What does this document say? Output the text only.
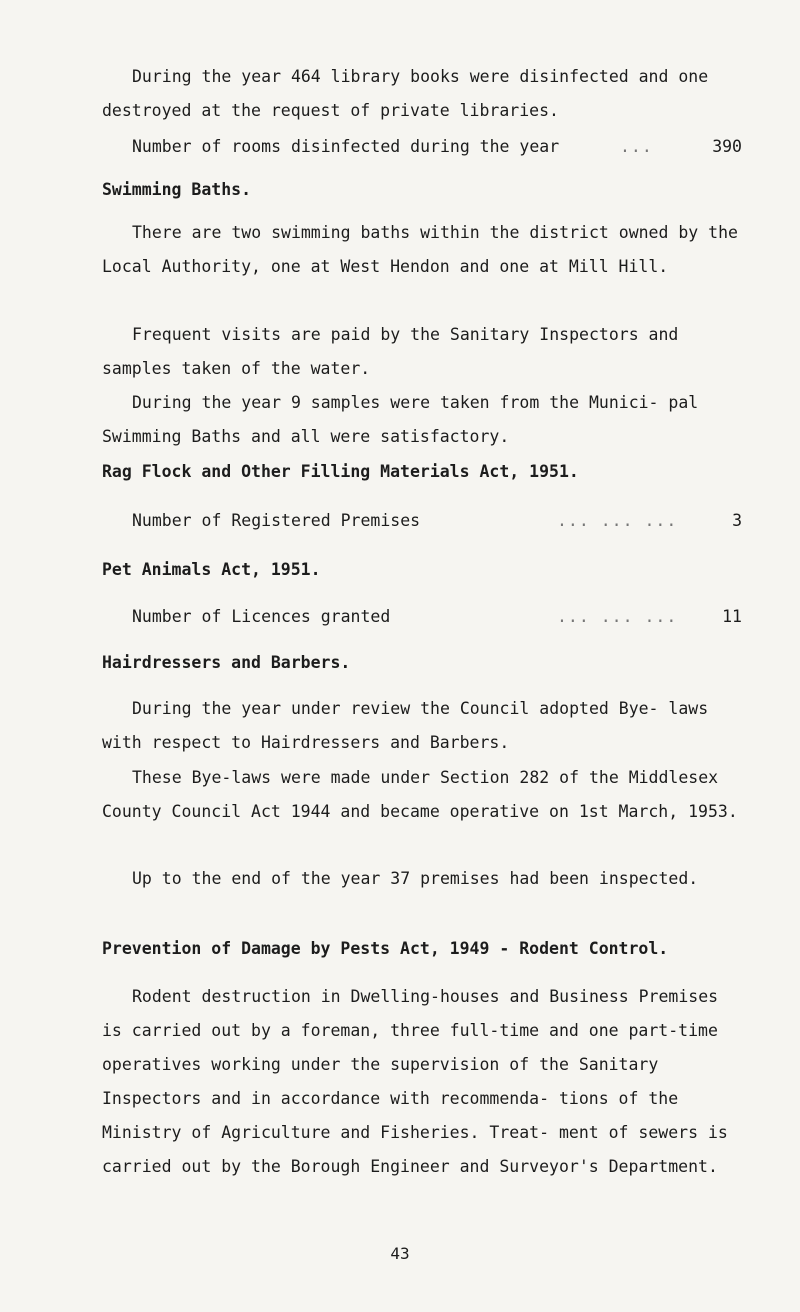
During the year 464 library books were disinfected and one destroyed at the request of private libraries.

Number of rooms disinfected during the year	...	390

Swimming Baths.

There are two swimming baths within the district owned by the Local Authority, one at West Hendon and one at Mill Hill.

Frequent visits are paid by the Sanitary Inspectors and samples taken of the water.

During the year 9 samples were taken from the Munici- pal Swimming Baths and all were satisfactory.

Rag Flock and Other Filling Materials Act, 1951.

Number of Registered Premises	... ... ...	3

Pet Animals Act, 1951.

Number of Licences granted	... ... ...	11

Hairdressers and Barbers.

During the year under review the Council adopted Bye- laws with respect to Hairdressers and Barbers.

These Bye-laws were made under Section 282 of the Middlesex County Council Act 1944 and became operative on 1st March, 1953.

Up to the end of the year 37 premises had been inspected.

Prevention of Damage by Pests Act, 1949 - Rodent Control.

Rodent destruction in Dwelling-houses and Business Premises is carried out by a foreman, three full-time and one part-time operatives working under the supervision of the Sanitary Inspectors and in accordance with recommenda- tions of the Ministry of Agriculture and Fisheries. Treat- ment of sewers is carried out by the Borough Engineer and Surveyor's Department.

43
